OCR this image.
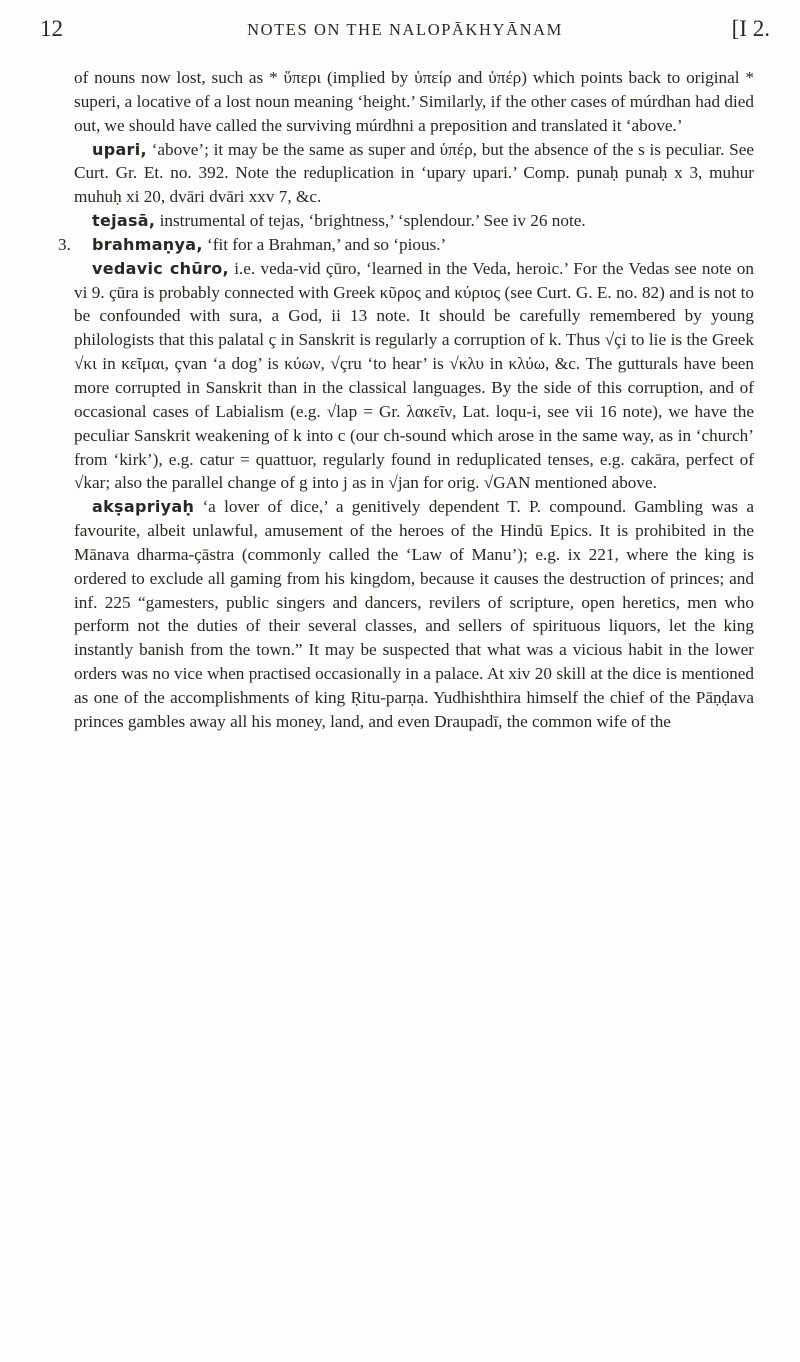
12	NOTES ON THE NALOPĀKHYĀNAM	[I 2.

of nouns now lost, such as * ὕπερι (implied by ὑπείρ and ὑπέρ) which points back to original * superi, a locative of a lost noun meaning ‘height.’ Similarly, if the other cases of múrdhan had died out, we should have called the surviving múrdhni a preposition and translated it ‘above.’

upari, ‘above’; it may be the same as super and ὑπέρ, but the absence of the s is peculiar. See Curt. Gr. Et. no. 392. Note the reduplication in ‘upary upari.’ Comp. punaḥ punaḥ x 3, muhur muhuḥ xi 20, dvāri dvāri xxv 7, &c.

tejasā, instrumental of tejas, ‘brightness,’ ‘splendour.’ See iv 26 note.

3. brahmaṇya, ‘fit for a Brahman,’ and so ‘pious.’

vedavic chūro, i.e. veda-vid çūro, ‘learned in the Veda, heroic.’ For the Vedas see note on vi 9. çūra is probably connected with Greek κῦρος and κύριος (see Curt. G. E. no. 82) and is not to be confounded with sura, a God, ii 13 note. It should be carefully remembered by young philologists that this palatal ç in Sanskrit is regularly a corruption of k. Thus √çi to lie is the Greek √κι in κεῖμαι, çvan ‘a dog’ is κύων, √çru ‘to hear’ is √κλυ in κλύω, &c. The gutturals have been more corrupted in Sanskrit than in the classical languages. By the side of this corruption, and of occasional cases of Labialism (e.g. √lap = Gr. λακεῖν, Lat. loqu-i, see vii 16 note), we have the peculiar Sanskrit weakening of k into c (our ch-sound which arose in the same way, as in ‘church’ from ‘kirk’), e.g. catur = quattuor, regularly found in reduplicated tenses, e.g. cakāra, perfect of √kar; also the parallel change of g into j as in √jan for orig. √GAN mentioned above.

akṣapriyaḥ ‘a lover of dice,’ a genitively dependent T. P. compound. Gambling was a favourite, albeit unlawful, amusement of the heroes of the Hindū Epics. It is prohibited in the Mānava dharma-çāstra (commonly called the ‘Law of Manu’); e.g. ix 221, where the king is ordered to exclude all gaming from his kingdom, because it causes the destruction of princes; and inf. 225 “gamesters, public singers and dancers, revilers of scripture, open heretics, men who perform not the duties of their several classes, and sellers of spirituous liquors, let the king instantly banish from the town.” It may be suspected that what was a vicious habit in the lower orders was no vice when practised occasionally in a palace. At xiv 20 skill at the dice is mentioned as one of the accomplishments of king Ṛitu-parṇa. Yudhishthira himself the chief of the Pāṇḍava princes gambles away all his money, land, and even Draupadī, the common wife of the
